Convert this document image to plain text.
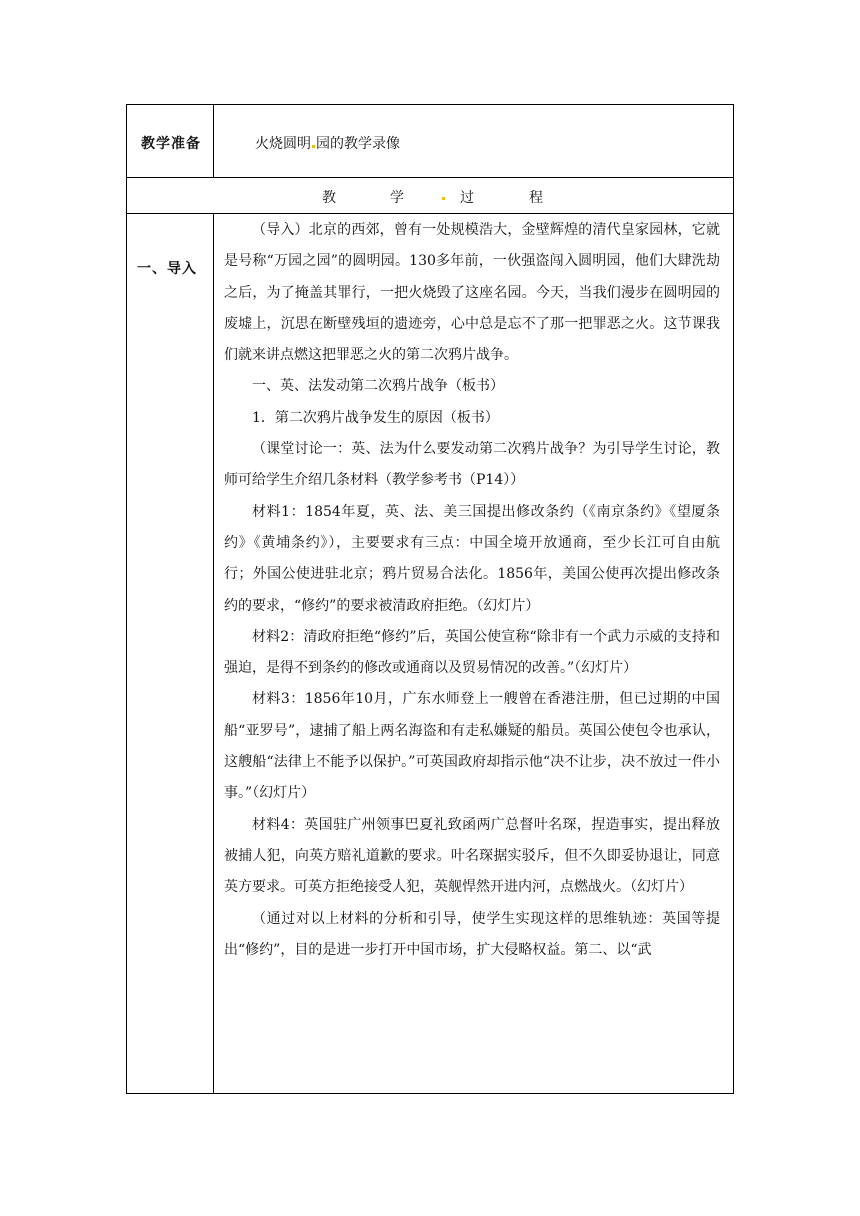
教学准备	火烧圆明 园的教学录像
教	学	过	程
一、导入

（导入）北京的西郊，曾有一处规模浩大，金壁辉煌的清代皇家园林，它就是号称“万园之园”的圆明园。130多年前，一伙强盗闯入圆明园，他们大肆洗劫之后，为了掩盖其罪行，一把火烧毁了这座名园。今天，当我们漫步在圆明园的废墟上，沉思在断壁残垣的遗迹旁，心中总是忘不了那一把罪恶之火。这节课我们就来讲点燃这把罪恶之火的第二次鸦片战争。

一、英、法发动第二次鸦片战争（板书）

1．第二次鸦片战争发生的原因（板书）

（课堂讨论一：英、法为什么要发动第二次鸦片战争？为引导学生讨论，教师可给学生介绍几条材料（教学参考书（P14））

材料1：1854年夏，英、法、美三国提出修改条约（《南京条约》《望厦条约》《黄埔条约》），主要要求有三点：中国全境开放通商，至少长江可自由航行；外国公使进驻北京；鸦片贸易合法化。1856年，美国公使再次提出修改条约的要求，“修约”的要求被清政府拒绝。（幻灯片）

材料2：清政府拒绝“修约”后，英国公使宣称“除非有一个武力示威的支持和强迫，是得不到条约的修改或通商以及贸易情况的改善。”（幻灯片）

材料3：1856年10月，广东水师登上一艘曾在香港注册，但已过期的中国船“亚罗号”，逮捕了船上两名海盗和有走私嫌疑的船员。英国公使包令也承认，这艘船“法律上不能予以保护。”可英国政府却指示他“决不让步，决不放过一件小事。”（幻灯片）

材料4：英国驻广州领事巴夏礼致函两广总督叶名琛，捏造事实，提出释放被捕人犯，向英方赔礼道歉的要求。叶名琛据实驳斥，但不久即妥协退让，同意英方要求。可英方拒绝接受人犯，英舰悍然开进内河，点燃战火。（幻灯片）

（通过对以上材料的分析和引导，使学生实现这样的思维轨迹：英国等提出“修约”，目的是进一步打开中国市场，扩大侵略权益。第二、以“武
